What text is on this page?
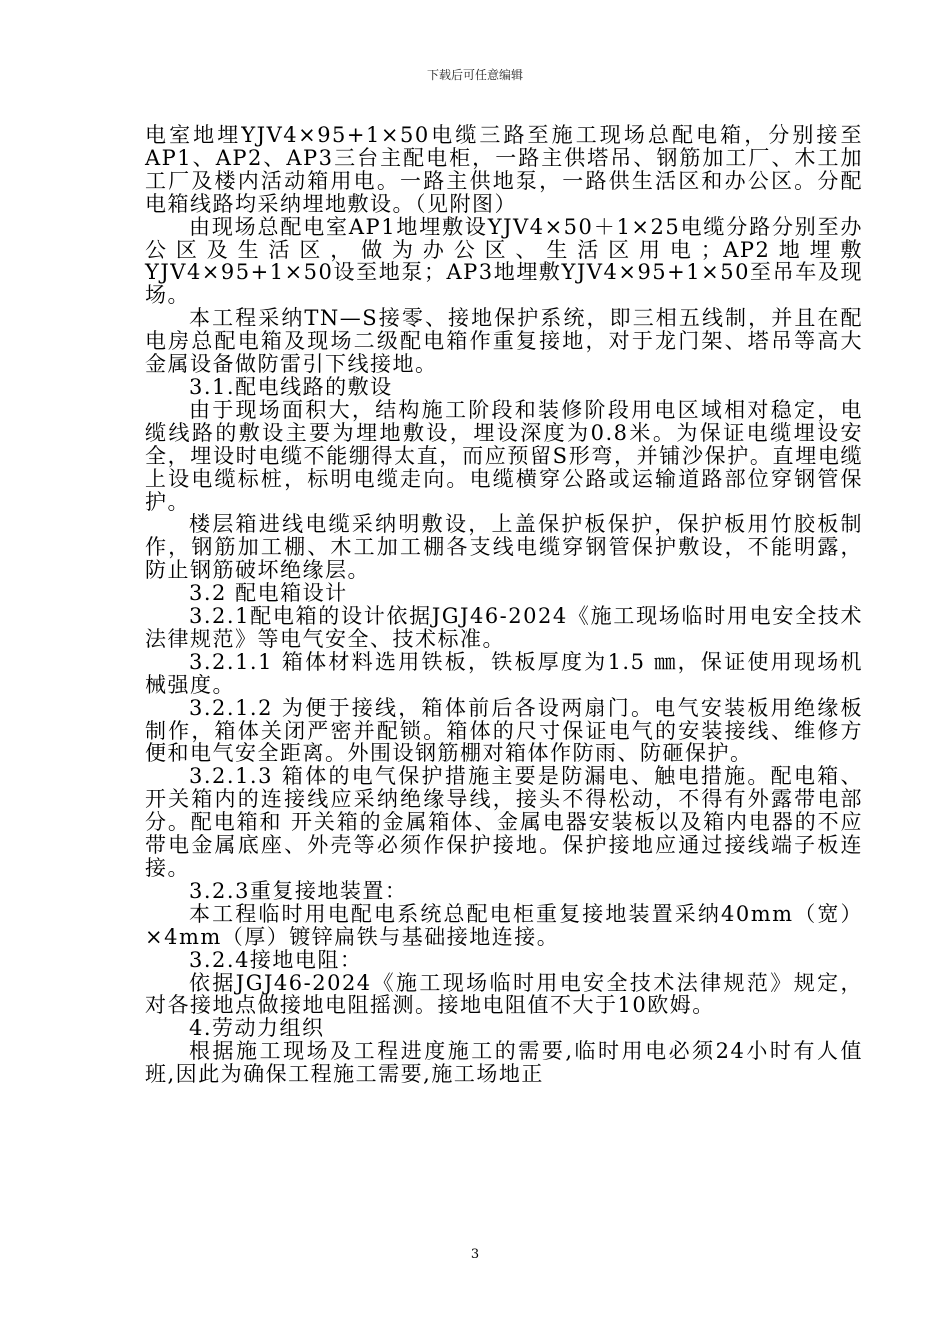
下载后可任意编辑

电室地埋YJV4×95+1×50电缆三路至施工现场总配电箱，分别接至AP1、AP2、AP3三台主配电柜，一路主供塔吊、钢筋加工厂、木工加工厂及楼内活动箱用电。一路主供地泵，一路供生活区和办公区。分配电箱线路均采纳埋地敷设。（见附图）

由现场总配电室AP1地埋敷设YJV4×50＋1×25电缆分路分别至办公区及生活区，做为办公区、生活区用电；AP2地埋敷YJV4×95+1×50设至地泵；AP3地埋敷YJV4×95+1×50至吊车及现场。

本工程采纳TN—S接零、接地保护系统，即三相五线制，并且在配电房总配电箱及现场二级配电箱作重复接地，对于龙门架、塔吊等高大金属设备做防雷引下线接地。

3.1.配电线路的敷设

由于现场面积大，结构施工阶段和装修阶段用电区域相对稳定，电缆线路的敷设主要为埋地敷设，埋设深度为0.8米。为保证电缆埋设安全，埋设时电缆不能绷得太直，而应预留S形弯，并铺沙保护。直埋电缆上设电缆标桩，标明电缆走向。电缆横穿公路或运输道路部位穿钢管保护。

楼层箱进线电缆采纳明敷设，上盖保护板保护，保护板用竹胶板制作，钢筋加工棚、木工加工棚各支线电缆穿钢管保护敷设，不能明露，防止钢筋破坏绝缘层。

3.2 配电箱设计

3.2.1配电箱的设计依据JGJ46-2024《施工现场临时用电安全技术法律规范》等电气安全、技术标准。

3.2.1.1 箱体材料选用铁板，铁板厚度为1.5 ㎜，保证使用现场机械强度。

3.2.1.2 为便于接线，箱体前后各设两扇门。电气安装板用绝缘板制作，箱体关闭严密并配锁。箱体的尺寸保证电气的安装接线、维修方便和电气安全距离。外围设钢筋棚对箱体作防雨、防砸保护。

3.2.1.3 箱体的电气保护措施主要是防漏电、触电措施。配电箱、开关箱内的连接线应采纳绝缘导线，接头不得松动，不得有外露带电部分。配电箱和 开关箱的金属箱体、金属电器安装板以及箱内电器的不应带电金属底座、外壳等必须作保护接地。保护接地应通过接线端子板连接。

3.2.3重复接地装置：

本工程临时用电配电系统总配电柜重复接地装置采纳40mm（宽）×4mm（厚）镀锌扁铁与基础接地连接。

3.2.4接地电阻：

依据JGJ46-2024《施工现场临时用电安全技术法律规范》规定，对各接地点做接地电阻摇测。接地电阻值不大于10欧姆。

4.劳动力组织

根据施工现场及工程进度施工的需要,临时用电必须24小时有人值班,因此为确保工程施工需要,施工场地正

3
